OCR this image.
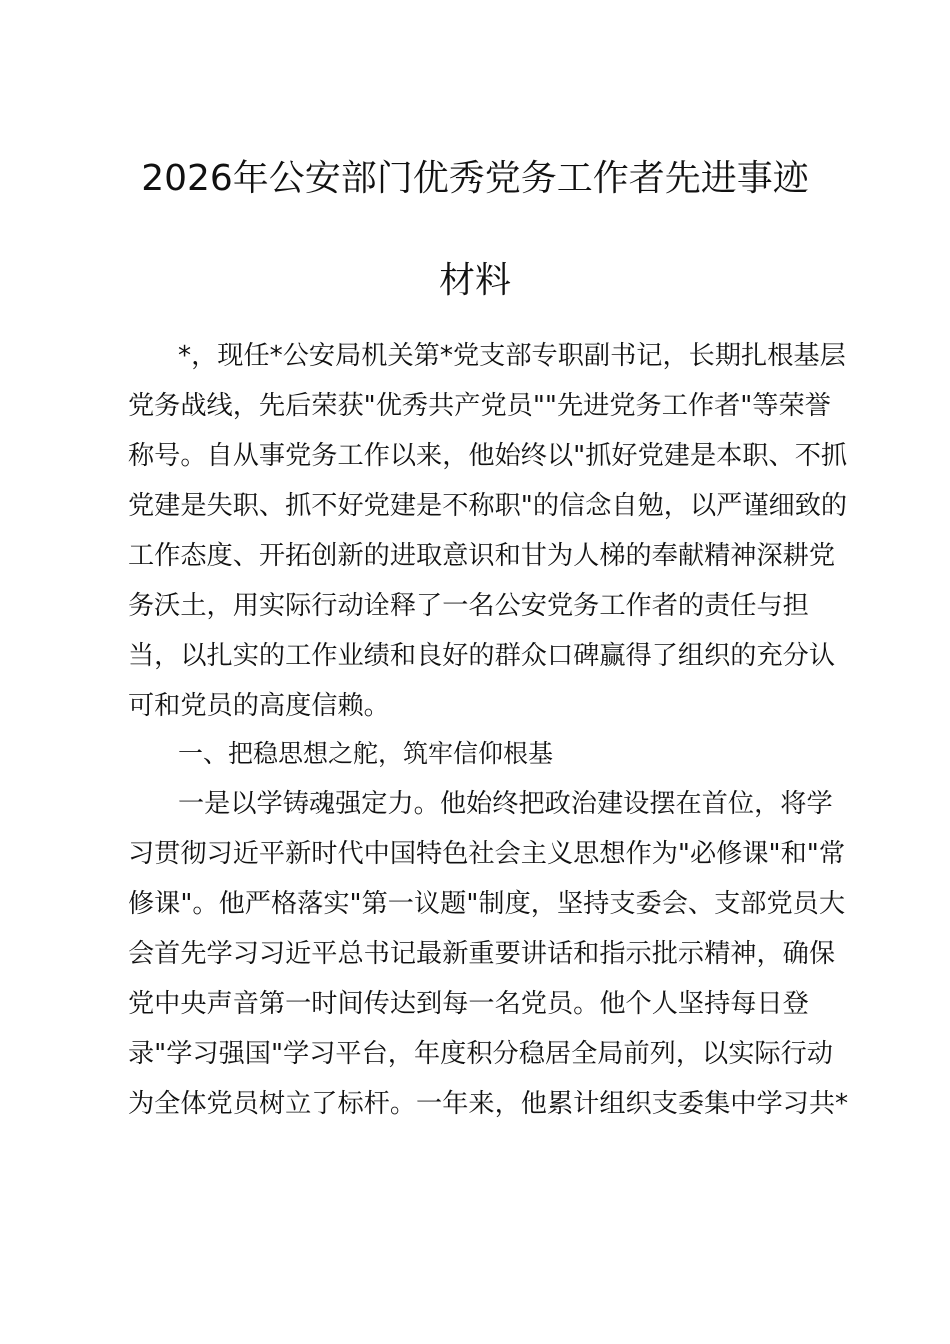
2026年公安部门优秀党务工作者先进事迹
材料
*，现任*公安局机关第*党支部专职副书记，长期扎根基层
党务战线，先后荣获"优秀共产党员""先进党务工作者"等荣誉
称号。自从事党务工作以来，他始终以"抓好党建是本职、不抓
党建是失职、抓不好党建是不称职"的信念自勉，以严谨细致的
工作态度、开拓创新的进取意识和甘为人梯的奉献精神深耕党
务沃土，用实际行动诠释了一名公安党务工作者的责任与担
当，以扎实的工作业绩和良好的群众口碑赢得了组织的充分认
可和党员的高度信赖。
一、把稳思想之舵，筑牢信仰根基
一是以学铸魂强定力。他始终把政治建设摆在首位，将学
习贯彻习近平新时代中国特色社会主义思想作为"必修课"和"常
修课"。他严格落实"第一议题"制度，坚持支委会、支部党员大
会首先学习习近平总书记最新重要讲话和指示批示精神，确保
党中央声音第一时间传达到每一名党员。他个人坚持每日登
录"学习强国"学习平台，年度积分稳居全局前列，以实际行动
为全体党员树立了标杆。一年来，他累计组织支委集中学习共*
